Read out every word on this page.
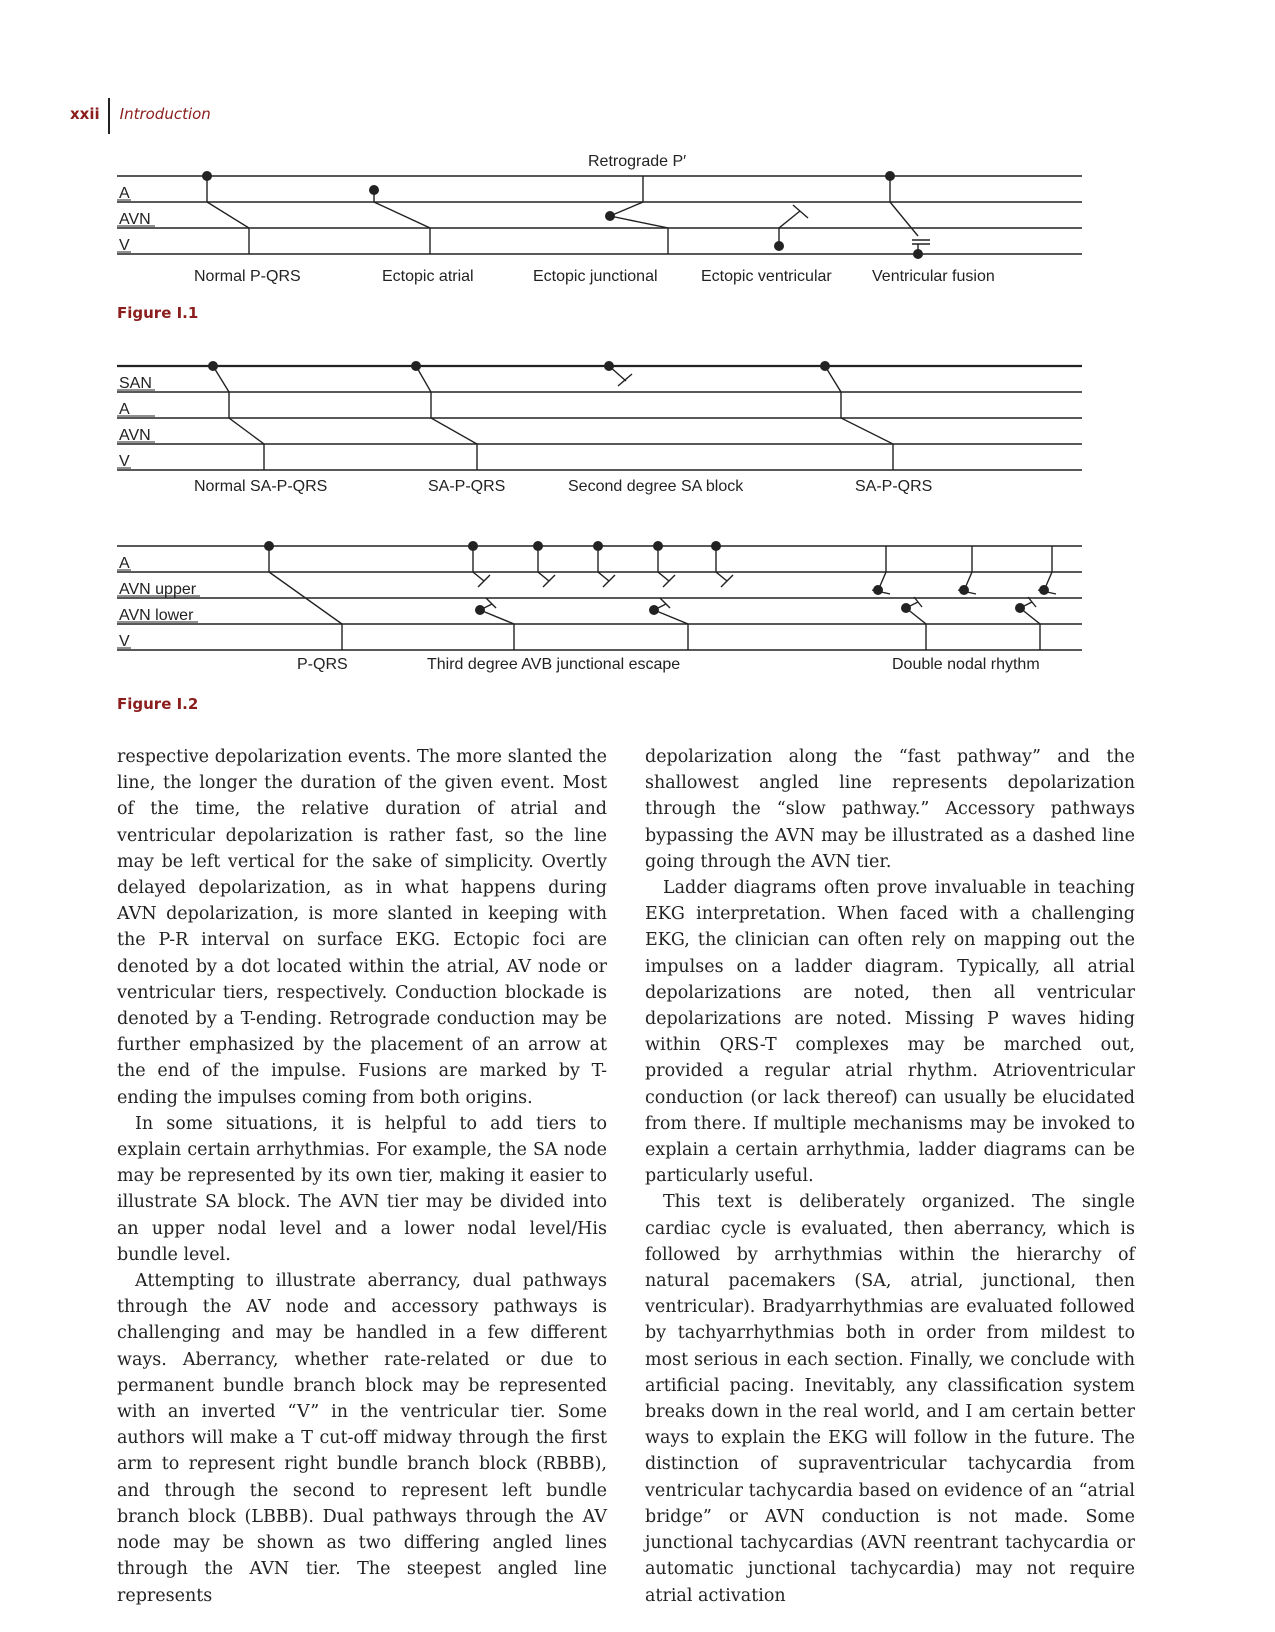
xxii	Introduction
Retrograde P′
A
AVN
V
Normal P-QRS	Ectopic atrial	Ectopic junctional	Ectopic ventricular	Ventricular fusion
Figure I.1
SAN
A
AVN
V
Normal SA-P-QRS	SA-P-QRS	Second degree SA block	SA-P-QRS
A
AVN upper
AVN lower
V
P-QRS	Third degree AVB junctional escape	Double nodal rhythm
Figure I.2

respective depolarization events. The more slanted the line, the longer the duration of the given event. Most of the time, the relative duration of atrial and ventricular depolarization is rather fast, so the line may be left vertical for the sake of simplicity. Overtly delayed depolarization, as in what happens during AVN depolarization, is more slanted in keeping with the P-R interval on surface EKG. Ectopic foci are denoted by a dot located within the atrial, AV node or ventricular tiers, respectively. Conduction blockade is denoted by a T-ending. Retrograde conduction may be further emphasized by the placement of an arrow at the end of the impulse. Fusions are marked by T-ending the impulses coming from both origins.

In some situations, it is helpful to add tiers to explain certain arrhythmias. For example, the SA node may be represented by its own tier, making it easier to illustrate SA block. The AVN tier may be divided into an upper nodal level and a lower nodal level/His bundle level.

Attempting to illustrate aberrancy, dual pathways through the AV node and accessory pathways is challenging and may be handled in a few different ways. Aberrancy, whether rate-related or due to permanent bundle branch block may be represented with an inverted “V” in the ventricular tier. Some authors will make a T cut-off midway through the first arm to represent right bundle branch block (RBBB), and through the second to represent left bundle branch block (LBBB). Dual pathways through the AV node may be shown as two differing angled lines through the AVN tier. The steepest angled line represents

depolarization along the “fast pathway” and the shallowest angled line represents depolarization through the “slow pathway.” Accessory pathways bypassing the AVN may be illustrated as a dashed line going through the AVN tier.

Ladder diagrams often prove invaluable in teaching EKG interpretation. When faced with a challenging EKG, the clinician can often rely on mapping out the impulses on a ladder diagram. Typically, all atrial depolarizations are noted, then all ventricular depolarizations are noted. Missing P waves hiding within QRS-T complexes may be marched out, provided a regular atrial rhythm. Atrioventricular conduction (or lack thereof) can usually be elucidated from there. If multiple mechanisms may be invoked to explain a certain arrhythmia, ladder diagrams can be particularly useful.

This text is deliberately organized. The single cardiac cycle is evaluated, then aberrancy, which is followed by arrhythmias within the hierarchy of natural pacemakers (SA, atrial, junctional, then ventricular). Bradyarrhythmias are evaluated followed by tachyarrhythmias both in order from mildest to most serious in each section. Finally, we conclude with artificial pacing. Inevitably, any classification system breaks down in the real world, and I am certain better ways to explain the EKG will follow in the future. The distinction of supraventricular tachycardia from ventricular tachycardia based on evidence of an “atrial bridge” or AVN conduction is not made. Some junctional tachycardias (AVN reentrant tachycardia or automatic junctional tachycardia) may not require atrial activation
